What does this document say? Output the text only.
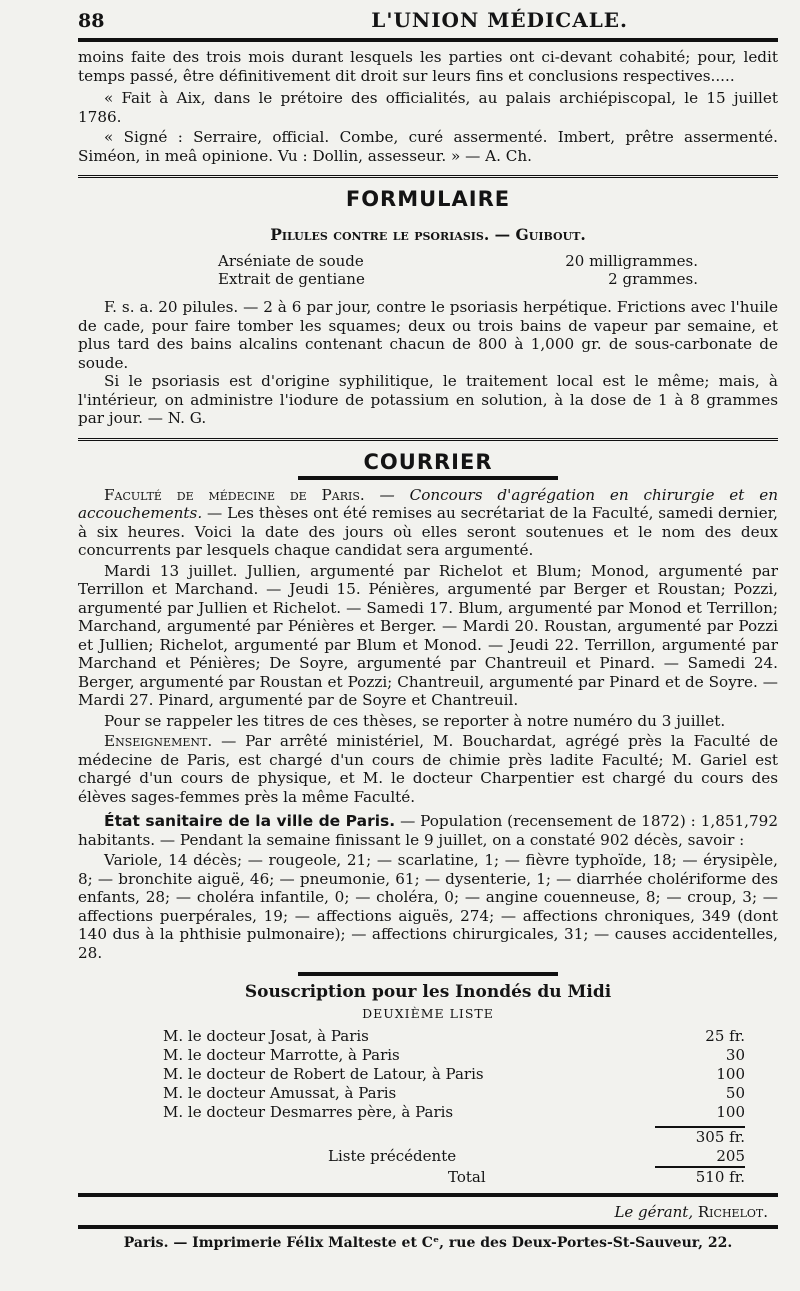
88	L'UNION MÉDICALE.

moins faite des trois mois durant lesquels les parties ont ci-devant cohabité; pour, ledit temps passé, être définitivement dit droit sur leurs fins et conclusions respectives.....

« Fait à Aix, dans le prétoire des officialités, au palais archiépiscopal, le 15 juillet 1786.

« Signé : Serraire, official. Combe, curé assermenté. Imbert, prêtre assermenté. Siméon, in meâ opinione. Vu : Dollin, assesseur. » — A. Ch.

FORMULAIRE
Pilules contre le psoriasis. — Guibout.
Arséniate de soude	20 milligrammes.
Extrait de gentiane	2 grammes.

F. s. a. 20 pilules. — 2 à 6 par jour, contre le psoriasis herpétique. Frictions avec l'huile de cade, pour faire tomber les squames; deux ou trois bains de vapeur par semaine, et plus tard des bains alcalins contenant chacun de 800 à 1,000 gr. de sous-carbonate de soude.

Si le psoriasis est d'origine syphilitique, le traitement local est le même; mais, à l'intérieur, on administre l'iodure de potassium en solution, à la dose de 1 à 8 grammes par jour. — N. G.

COURRIER

Faculté de médecine de Paris. — Concours d'agrégation en chirurgie et en accouchements. — Les thèses ont été remises au secrétariat de la Faculté, samedi dernier, à six heures. Voici la date des jours où elles seront soutenues et le nom des deux concurrents par lesquels chaque candidat sera argumenté.

Mardi 13 juillet. Jullien, argumenté par Richelot et Blum; Monod, argumenté par Terrillon et Marchand. — Jeudi 15. Pénières, argumenté par Berger et Roustan; Pozzi, argumenté par Jullien et Richelot. — Samedi 17. Blum, argumenté par Monod et Terrillon; Marchand, argumenté par Pénières et Berger. — Mardi 20. Roustan, argumenté par Pozzi et Jullien; Richelot, argumenté par Blum et Monod. — Jeudi 22. Terrillon, argumenté par Marchand et Pénières; De Soyre, argumenté par Chantreuil et Pinard. — Samedi 24. Berger, argumenté par Roustan et Pozzi; Chantreuil, argumenté par Pinard et de Soyre. — Mardi 27. Pinard, argumenté par de Soyre et Chantreuil.

Pour se rappeler les titres de ces thèses, se reporter à notre numéro du 3 juillet.

Enseignement. — Par arrêté ministériel, M. Bouchardat, agrégé près la Faculté de médecine de Paris, est chargé d'un cours de chimie près ladite Faculté; M. Gariel est chargé d'un cours de physique, et M. le docteur Charpentier est chargé du cours des élèves sages-femmes près la même Faculté.

État sanitaire de la ville de Paris. — Population (recensement de 1872) : 1,851,792 habitants. — Pendant la semaine finissant le 9 juillet, on a constaté 902 décès, savoir :

Variole, 14 décès; — rougeole, 21; — scarlatine, 1; — fièvre typhoïde, 18; — érysipèle, 8; — bronchite aiguë, 46; — pneumonie, 61; — dysenterie, 1; — diarrhée cholériforme des enfants, 28; — choléra infantile, 0; — choléra, 0; — angine couenneuse, 8; — croup, 3; — affections puerpérales, 19; — affections aiguës, 274; — affections chroniques, 349 (dont 140 dus à la phthisie pulmonaire); — affections chirurgicales, 31; — causes accidentelles, 28.

Souscription pour les Inondés du Midi
DEUXIÈME LISTE
M. le docteur Josat, à Paris	25 fr.
M. le docteur Marrotte, à Paris	30
M. le docteur de Robert de Latour, à Paris	100
M. le docteur Amussat, à Paris	50
M. le docteur Desmarres père, à Paris	100
305 fr.
Liste précédente	205
Total	510 fr.
Le gérant, Richelot.
Paris. — Imprimerie Félix Malteste et Cᵉ, rue des Deux-Portes-St-Sauveur, 22.
